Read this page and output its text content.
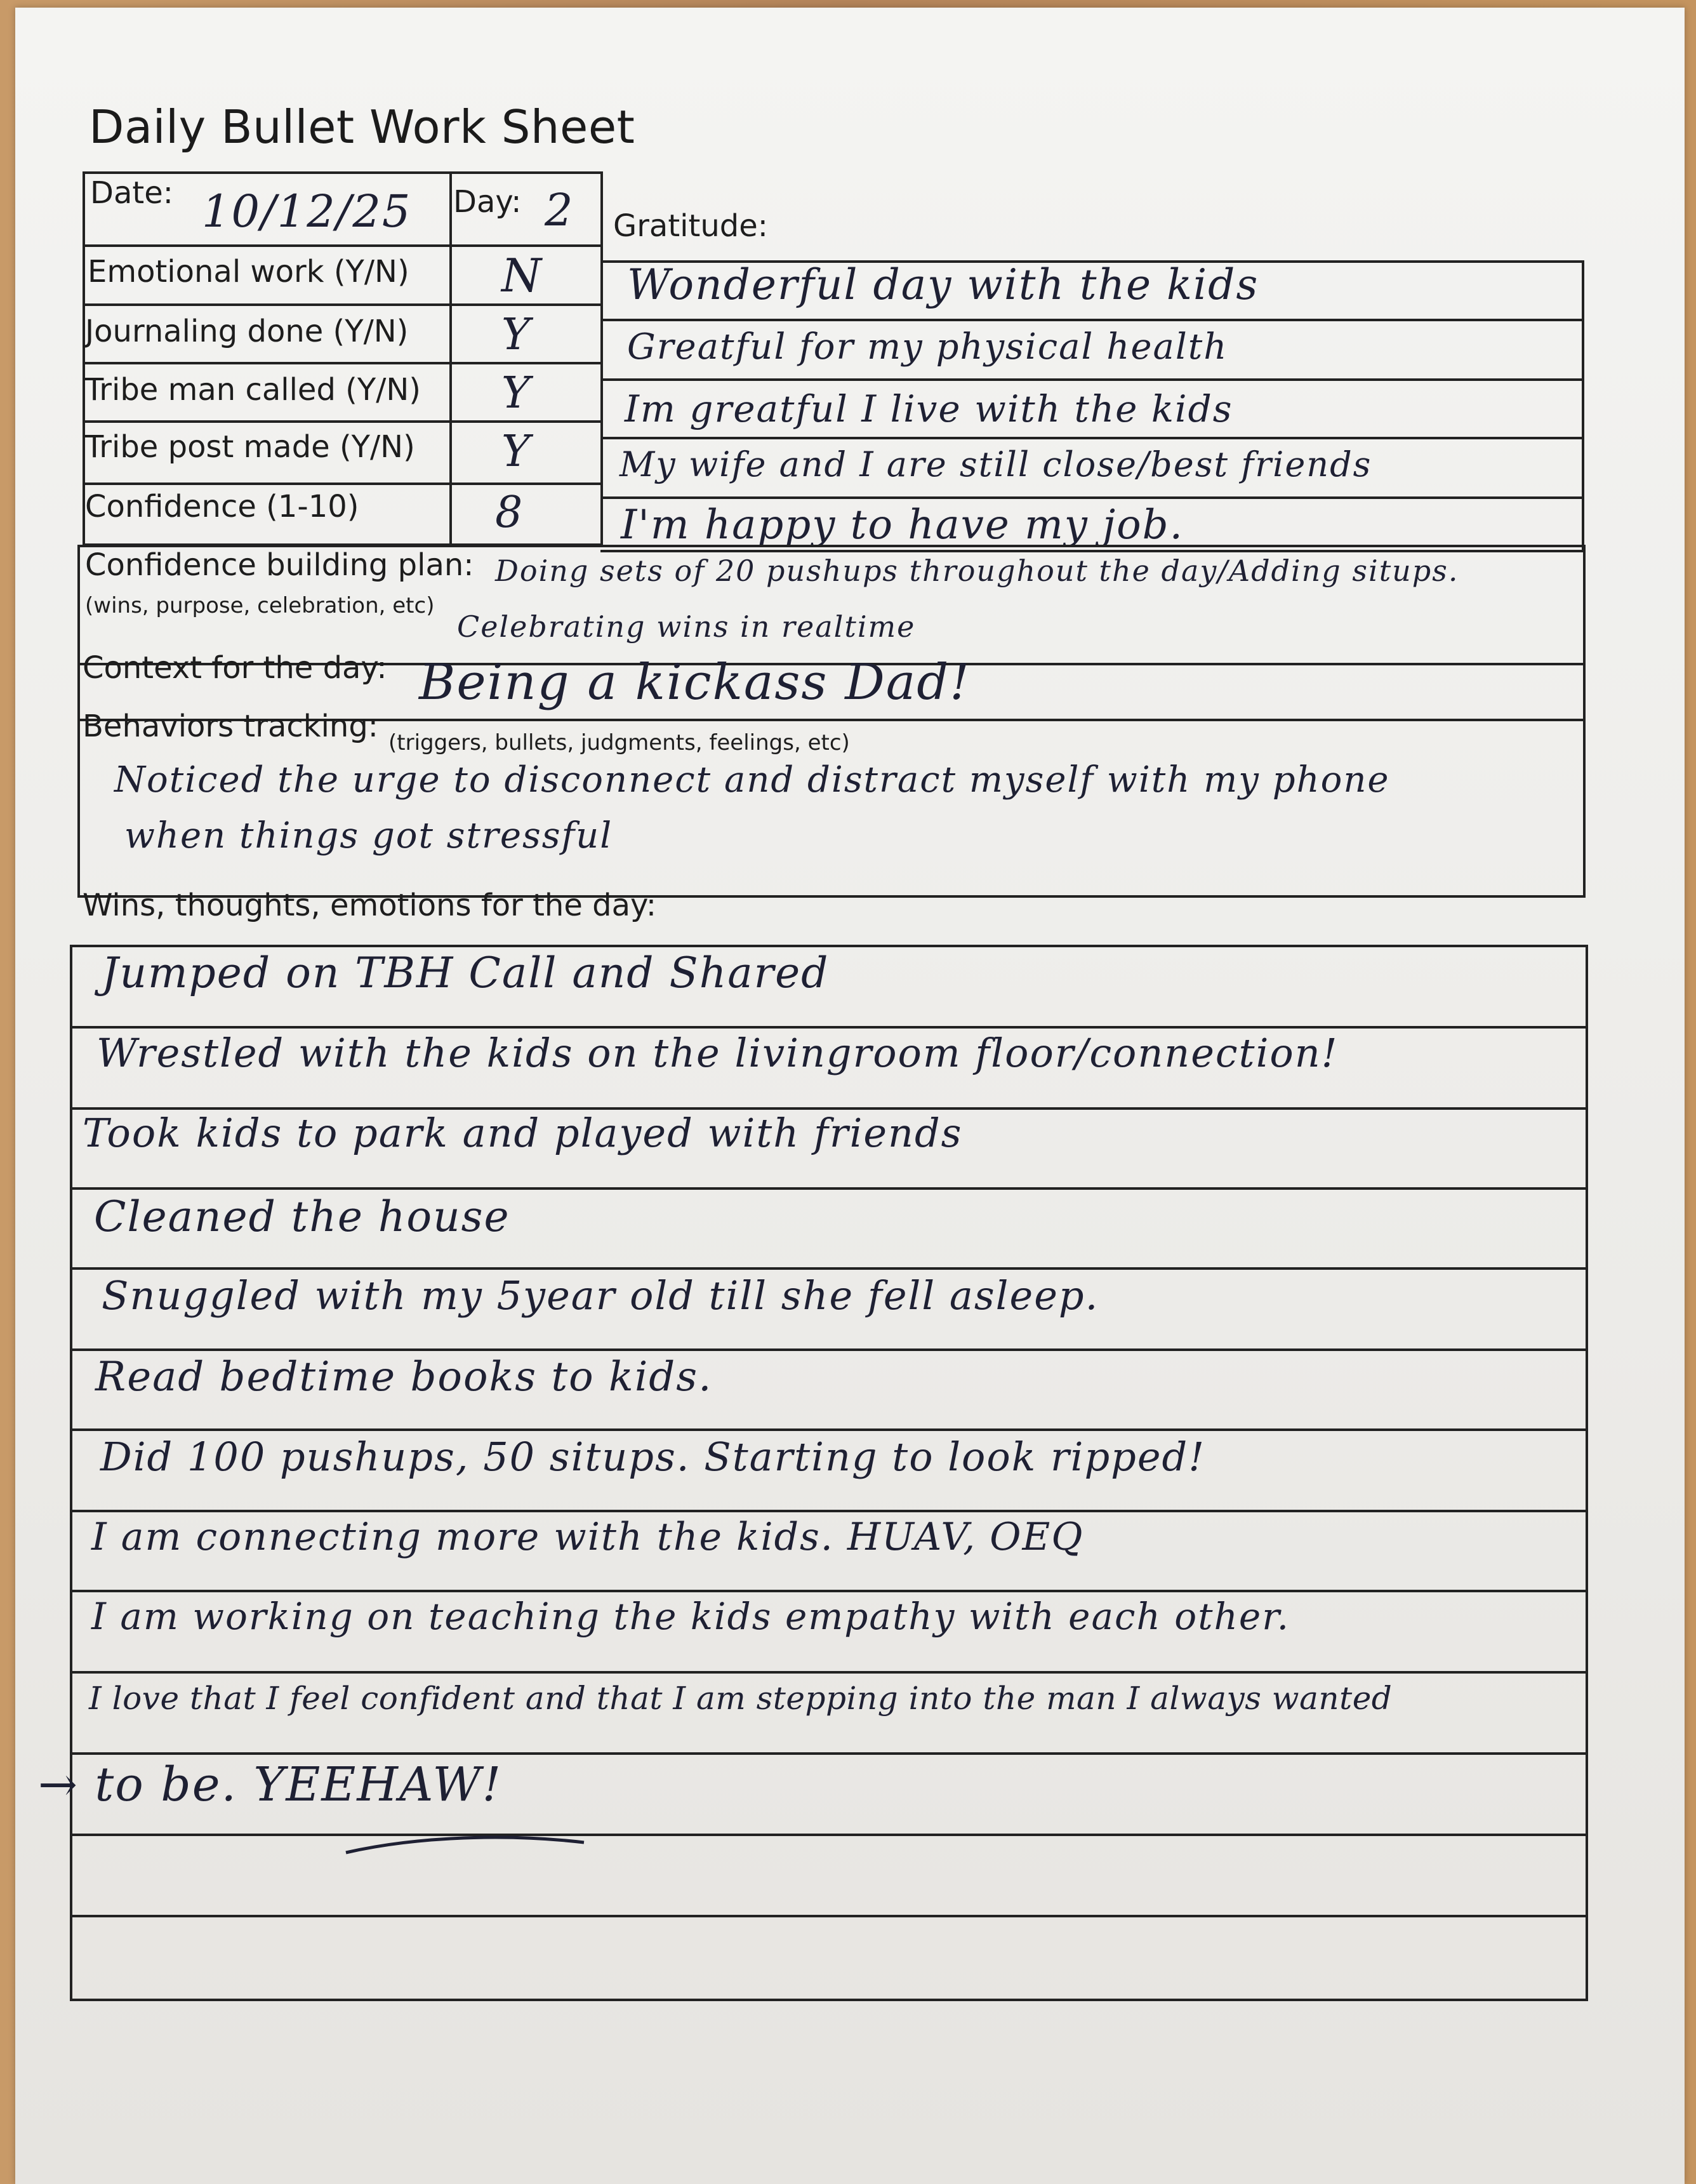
Daily Bullet Work Sheet
Date: 10/12/25 Day: 2
Emotional work (Y/N) N
Journaling done (Y/N) Y
Tribe man called (Y/N) Y
Tribe post made (Y/N) Y
Confidence (1-10)	8
Gratitude:
Wonderful day with the kids
Greatful for my physical health
Im greatful I live with the kids
My wife and I are still close/best friends
I'm happy to have my job.
Confidence building plan:
(wins, purpose, celebration, etc)
Doing sets of 20 pushups throughout the day/Adding situps.
Celebrating wins in realtime
Context for the day: Being a kickass Dad!
Behaviors tracking: (triggers, bullets, judgments, feelings, etc)
Noticed the urge to disconnect and distract myself with my phone
when things got stressful
Wins, thoughts, emotions for the day:
Jumped on TBH Call and Shared
Wrestled with the kids on the livingroom floor/connection!
Took kids to park and played with friends
Cleaned the house
Snuggled with my 5year old till she fell asleep.
Read bedtime books to kids.
Did 100 pushups, 50 situps. Starting to look ripped!
I am connecting more with the kids. HUAV, OEQ
I am working on teaching the kids empathy with each other.
I love that I feel confident and that I am stepping into the man I always wanted
→ to be. YEEHAW!
